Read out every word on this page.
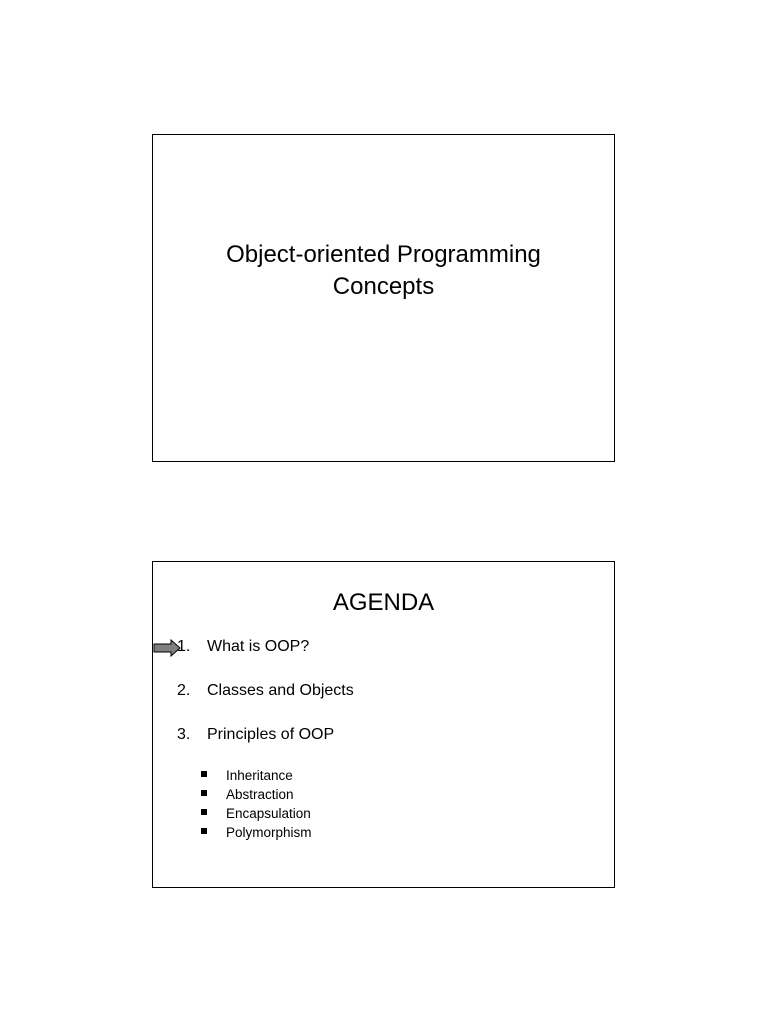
Object-oriented Programming
Concepts
AGENDA
1. What is OOP?
2. Classes and Objects
3. Principles of OOP
Inheritance
Abstraction
Encapsulation
Polymorphism
